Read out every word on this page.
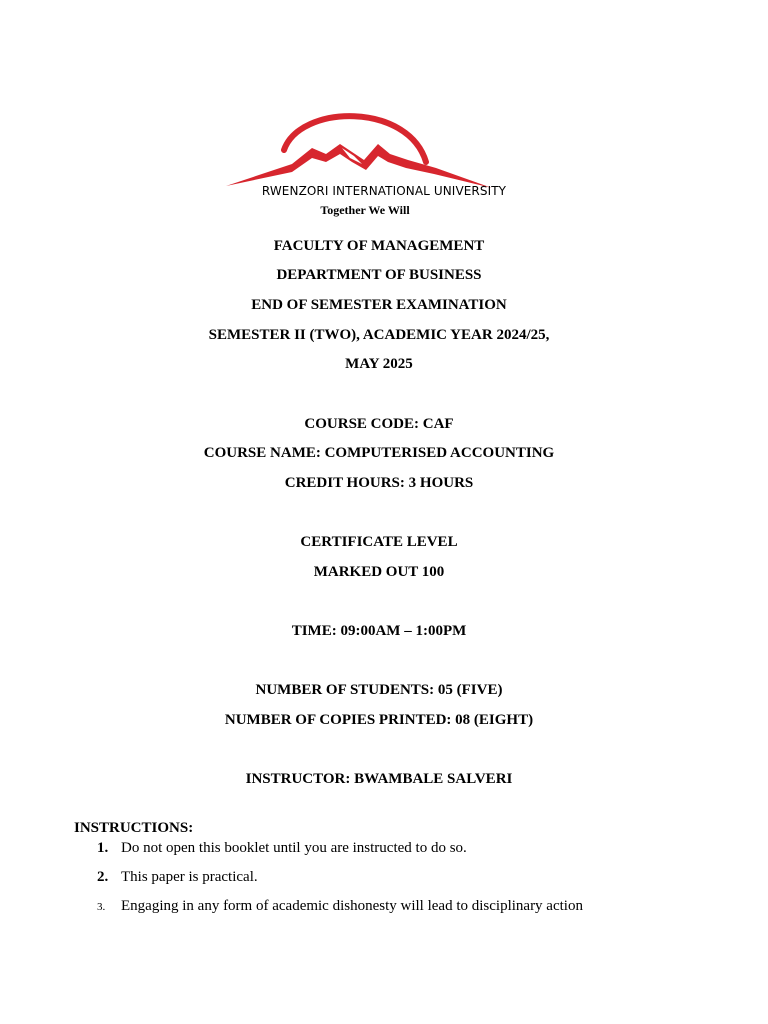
RWENZORI INTERNATIONAL UNIVERSITY
Together We Will
FACULTY OF MANAGEMENT
DEPARTMENT OF BUSINESS
END OF SEMESTER EXAMINATION
SEMESTER II (TWO), ACADEMIC YEAR 2024/25,
MAY 2025
COURSE CODE: CAF
COURSE NAME: COMPUTERISED ACCOUNTING
CREDIT HOURS: 3 HOURS
CERTIFICATE LEVEL
MARKED OUT 100
TIME: 09:00AM – 1:00PM
NUMBER OF STUDENTS: 05 (FIVE)
NUMBER OF COPIES PRINTED: 08 (EIGHT)
INSTRUCTOR: BWAMBALE SALVERI
INSTRUCTIONS:
1. Do not open this booklet until you are instructed to do so.
2. This paper is practical.
3. Engaging in any form of academic dishonesty will lead to disciplinary action
